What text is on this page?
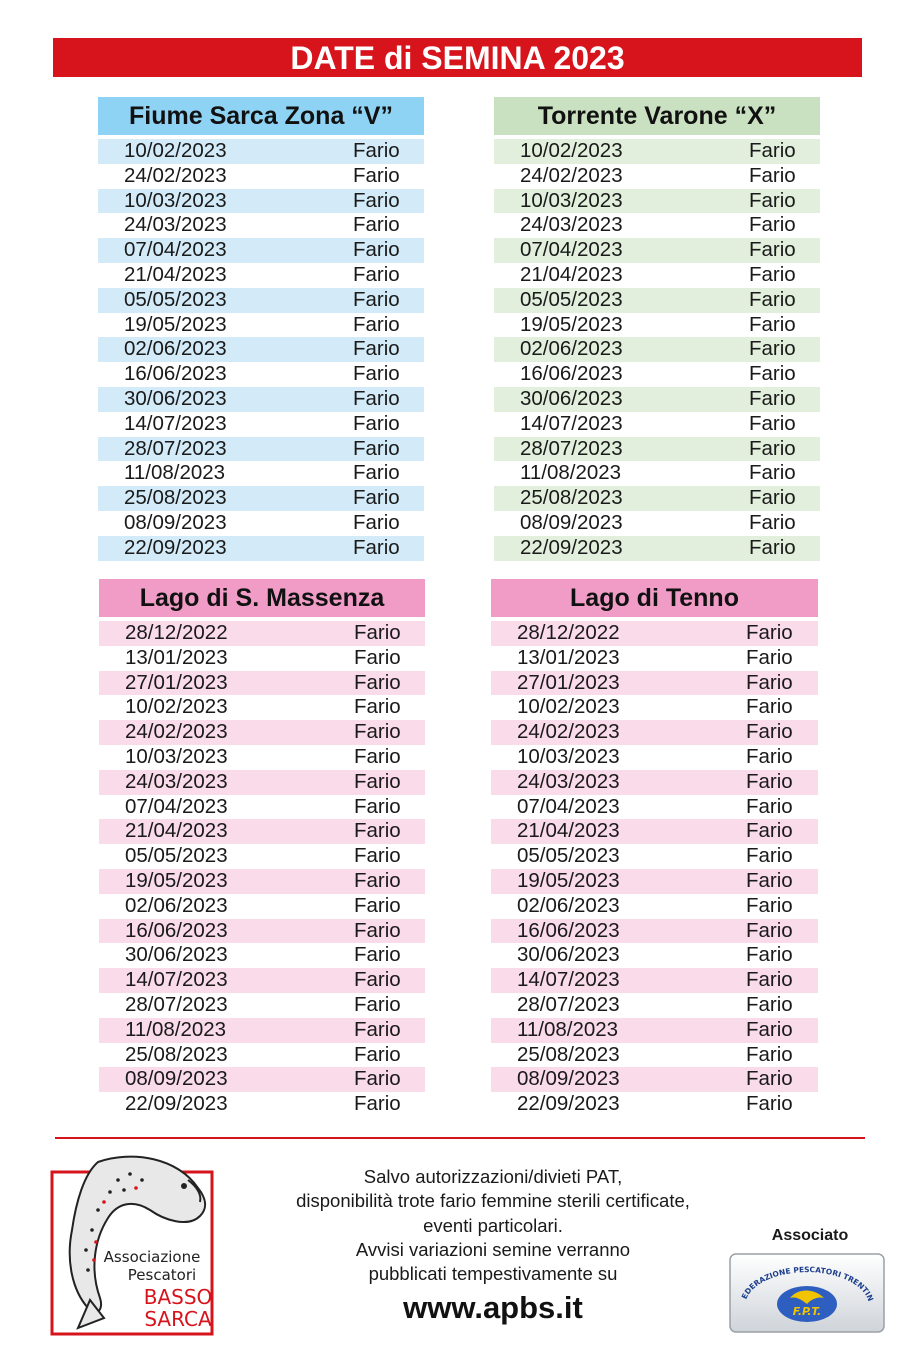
DATE di SEMINA 2023
Fiume Sarca Zona “V”
10/02/2023	Fario
24/02/2023	Fario
10/03/2023	Fario
24/03/2023	Fario
07/04/2023	Fario
21/04/2023	Fario
05/05/2023	Fario
19/05/2023	Fario
02/06/2023	Fario
16/06/2023	Fario
30/06/2023	Fario
14/07/2023	Fario
28/07/2023	Fario
11/08/2023	Fario
25/08/2023	Fario
08/09/2023	Fario
22/09/2023	Fario
Torrente Varone “X”
10/02/2023	Fario
24/02/2023	Fario
10/03/2023	Fario
24/03/2023	Fario
07/04/2023	Fario
21/04/2023	Fario
05/05/2023	Fario
19/05/2023	Fario
02/06/2023	Fario
16/06/2023	Fario
30/06/2023	Fario
14/07/2023	Fario
28/07/2023	Fario
11/08/2023	Fario
25/08/2023	Fario
08/09/2023	Fario
22/09/2023	Fario
Lago di S. Massenza
28/12/2022	Fario
13/01/2023	Fario
27/01/2023	Fario
10/02/2023	Fario
24/02/2023	Fario
10/03/2023	Fario
24/03/2023	Fario
07/04/2023	Fario
21/04/2023	Fario
05/05/2023	Fario
19/05/2023	Fario
02/06/2023	Fario
16/06/2023	Fario
30/06/2023	Fario
14/07/2023	Fario
28/07/2023	Fario
11/08/2023	Fario
25/08/2023	Fario
08/09/2023	Fario
22/09/2023	Fario
Lago di Tenno
28/12/2022	Fario
13/01/2023	Fario
27/01/2023	Fario
10/02/2023	Fario
24/02/2023	Fario
10/03/2023	Fario
24/03/2023	Fario
07/04/2023	Fario
21/04/2023	Fario
05/05/2023	Fario
19/05/2023	Fario
02/06/2023	Fario
16/06/2023	Fario
30/06/2023	Fario
14/07/2023	Fario
28/07/2023	Fario
11/08/2023	Fario
25/08/2023	Fario
08/09/2023	Fario
22/09/2023	Fario
Associazione
Pescatori
BASSO
SARCA
Salvo autorizzazioni/divieti PAT,
disponibilità trote fario femmine sterili certificate,
eventi particolari.
Avvisi variazioni semine verranno
pubblicati tempestivamente su
www.apbs.it
Associato
EDERAZIONE PESCATORI TRENTIN
F.P.T.
